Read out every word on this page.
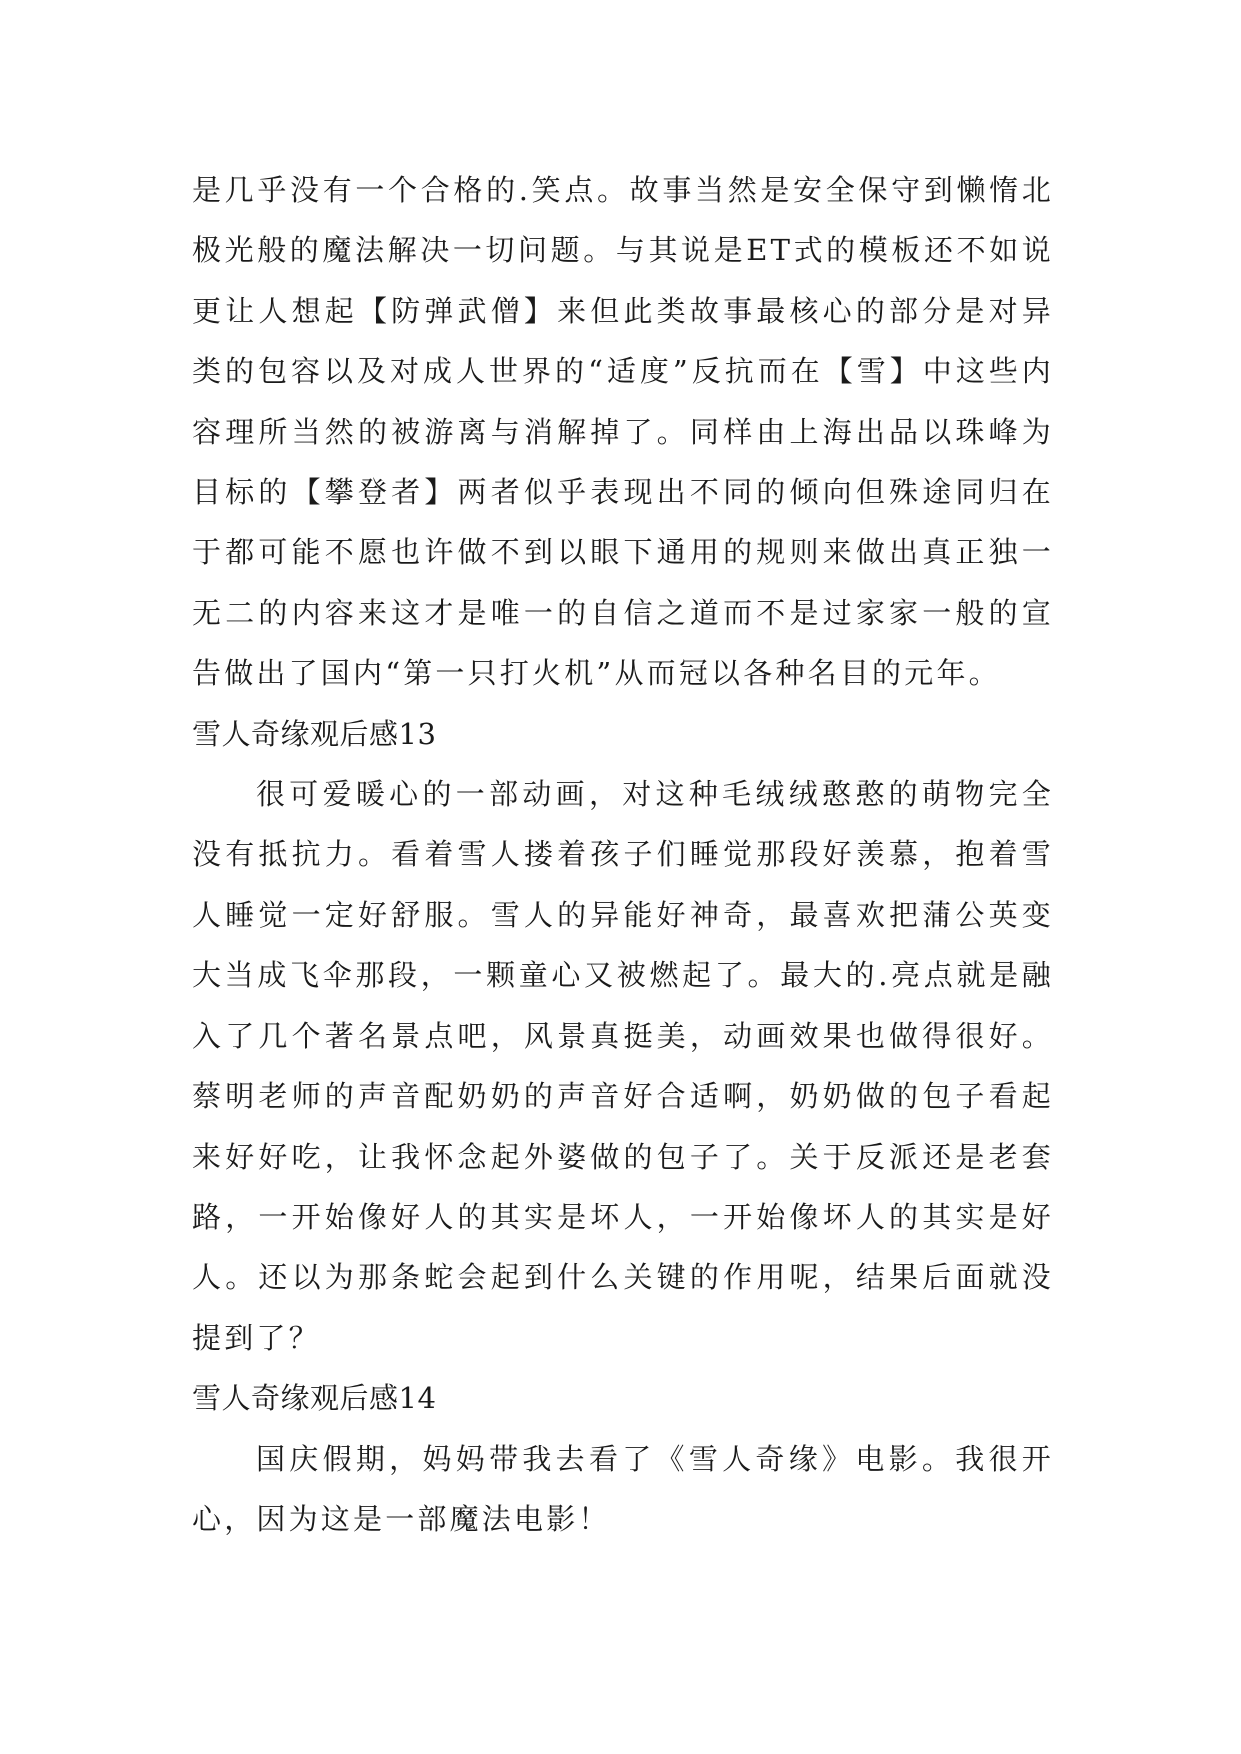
是几乎没有一个合格的.笑点。故事当然是安全保守到懒惰北极光般的魔法解决一切问题。与其说是ET式的模板还不如说更让人想起【防弹武僧】来但此类故事最核心的部分是对异类的包容以及对成人世界的“适度”反抗而在【雪】中这些内容理所当然的被游离与消解掉了。同样由上海出品以珠峰为目标的【攀登者】两者似乎表现出不同的倾向但殊途同归在于都可能不愿也许做不到以眼下通用的规则来做出真正独一无二的内容来这才是唯一的自信之道而不是过家家一般的宣告做出了国内“第一只打火机”从而冠以各种名目的元年。

雪人奇缘观后感13

很可爱暖心的一部动画，对这种毛绒绒憨憨的萌物完全没有抵抗力。看着雪人搂着孩子们睡觉那段好羡慕，抱着雪人睡觉一定好舒服。雪人的异能好神奇，最喜欢把蒲公英变大当成飞伞那段，一颗童心又被燃起了。最大的.亮点就是融入了几个著名景点吧，风景真挺美，动画效果也做得很好。蔡明老师的声音配奶奶的声音好合适啊，奶奶做的包子看起来好好吃，让我怀念起外婆做的包子了。关于反派还是老套路，一开始像好人的其实是坏人，一开始像坏人的其实是好人。还以为那条蛇会起到什么关键的作用呢，结果后面就没提到了？

雪人奇缘观后感14

国庆假期，妈妈带我去看了《雪人奇缘》电影。我很开心，因为这是一部魔法电影！
